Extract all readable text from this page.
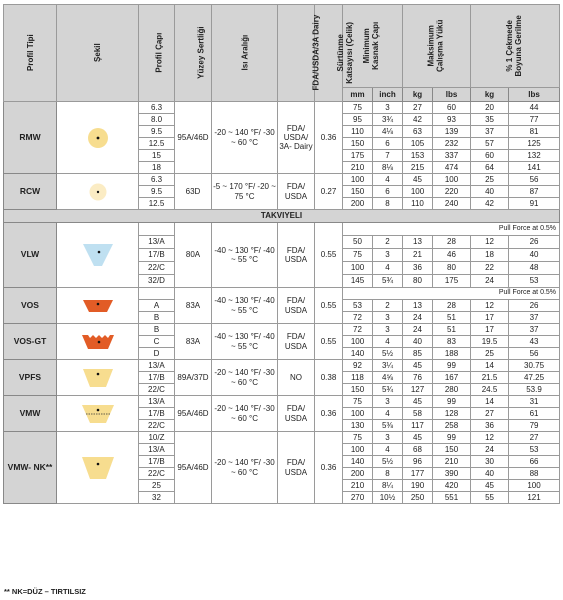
Profil Tipi	Şekil	Profil Çapı	Yüzey Sertliği	Isı Aralığı	FDA/USDA/3A Dairy	Sürtünme
Katsayısı (Çelik)	Minimum
Kasnak Çapı		Maksimum
Çalışma Yükü		% 1 Çekmede
Boyuna Gerilme	
							mm	inch	kg	lbs	kg	lbs
RMW		6.3	95A/46D	-20 ~ 140 °F/ -30 ~ 60 °C	FDA/ USDA/ 3A- Dairy	0.36	75	3	27	60	20	44
		8.0					95	3¾	42	93	35	77
		9.5					110	4⅛	63	139	37	81
		12.5					150	6	105	232	57	125
		15					175	7	153	337	60	132
		18					210	8⅛	215	474	64	141
RCW		6.3	63D	-5 ~ 170 °F/ -20 ~ 75 °C	FDA/ USDA	0.27	100	4	45	100	25	56
		9.5					150	6	100	220	40	87
		12.5					200	8	110	240	42	91
TAKVIYELI												
VLW			80A	-40 ~ 130 °F/ -40 ~ 55 °C	FDA/ USDA	0.55	Pull Force at 0.5%					
		13/A					50	2	13	28	12	26
		17/B					75	3	21	46	18	40
		22/C					100	4	36	80	22	48
		32/D					145	5¾	80	175	24	53
VOS			83A	-40 ~ 130 °F/ -40 ~ 55 °C	FDA/ USDA	0.55	Pull Force at 0.5%					
		A					53	2	13	28	12	26
		B					72	3	24	51	17	37
VOS-GT		B	83A	-40 ~ 130 °F/ -40 ~ 55 °C	FDA/ USDA	0.55	72	3	24	51	17	37
		C					100	4	40	83	19.5	43
		D					140	5½	85	188	25	56
VPFS		13/A	89A/37D	-20 ~ 140 °F/ -30 ~ 60 °C	NO	0.38	92	3¼	45	99	14	30.75
		17/B					118	4⅝	76	167	21.5	47.25
		22/C					150	5¾	127	280	24.5	53.9
VMW		13/A	95A/46D	-20 ~ 140 °F/ -30 ~ 60 °C	FDA/ USDA	0.36	75	3	45	99	14	31
		17/B					100	4	58	128	27	61
		22/C					130	5⅜	117	258	36	79
VMW- NK**		10/Z	95A/46D	-20 ~ 140 °F/ -30 ~ 60 °C	FDA/ USDA	0.36	75	3	45	99	12	27
		13/A					100	4	68	150	24	53
		17/B					140	5½	96	210	30	66
		22/C					200	8	177	390	40	88
		25					210	8¼	190	420	45	100
		32					270	10½	250	551	55	121
** NK=DÜZ – TIRTILSIZ
